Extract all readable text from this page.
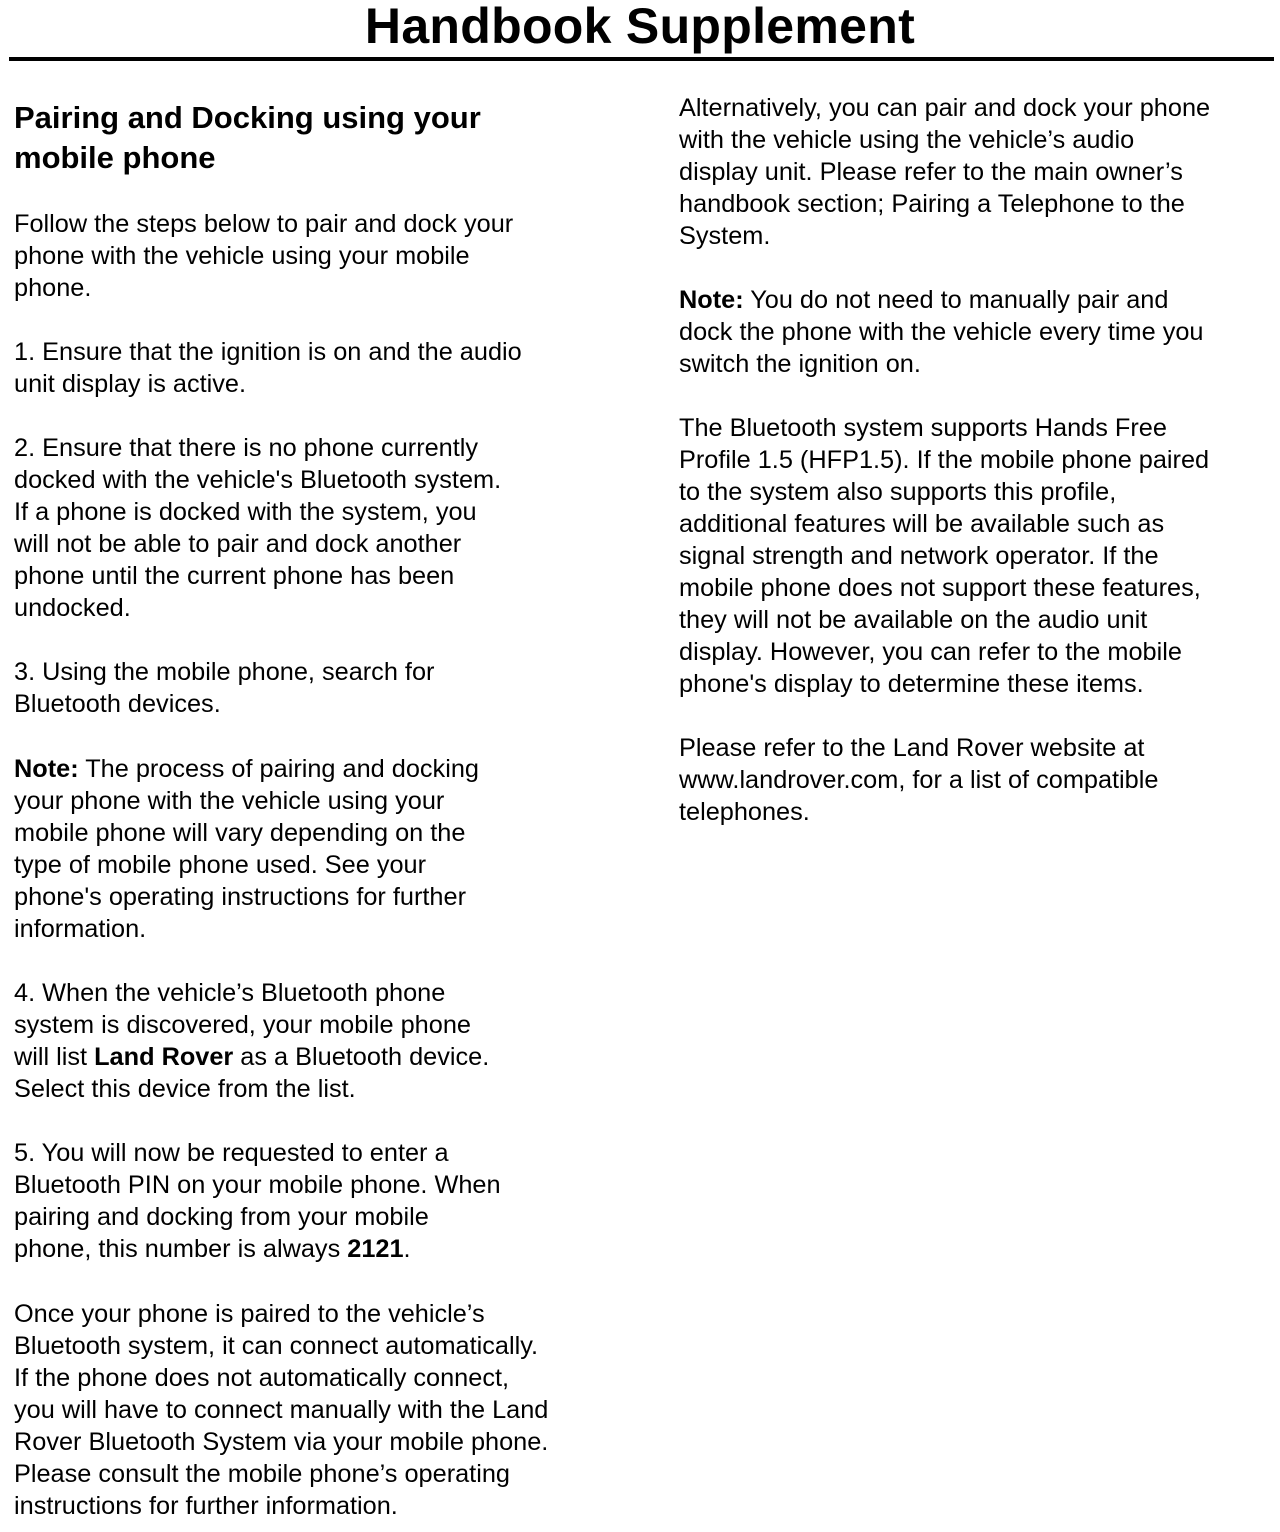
Handbook Supplement
Pairing and Docking using your
mobile phone

Follow the steps below to pair and dock your
phone with the vehicle using your mobile
phone.

1. Ensure that the ignition is on and the audio
unit display is active.

2. Ensure that there is no phone currently
docked with the vehicle's Bluetooth system.
If a phone is docked with the system, you
will not be able to pair and dock another
phone until the current phone has been
undocked.

3. Using the mobile phone, search for
Bluetooth devices.

Note: The process of pairing and docking
your phone with the vehicle using your
mobile phone will vary depending on the
type of mobile phone used. See your
phone's operating instructions for further
information.

4. When the vehicle’s Bluetooth phone
system is discovered, your mobile phone
will list Land Rover as a Bluetooth device.
Select this device from the list.

5. You will now be requested to enter a
Bluetooth PIN on your mobile phone. When
pairing and docking from your mobile
phone, this number is always 2121.

Once your phone is paired to the vehicle’s
Bluetooth system, it can connect automatically.
If the phone does not automatically connect,
you will have to connect manually with the Land
Rover Bluetooth System via your mobile phone.
Please consult the mobile phone’s operating
instructions for further information.

Alternatively, you can pair and dock your phone
with the vehicle using the vehicle’s audio
display unit. Please refer to the main owner’s
handbook section; Pairing a Telephone to the
System.

Note: You do not need to manually pair and
dock the phone with the vehicle every time you
switch the ignition on.

The Bluetooth system supports Hands Free
Profile 1.5 (HFP1.5). If the mobile phone paired
to the system also supports this profile,
additional features will be available such as
signal strength and network operator. If the
mobile phone does not support these features,
they will not be available on the audio unit
display. However, you can refer to the mobile
phone's display to determine these items.

Please refer to the Land Rover website at
www.landrover.com, for a list of compatible
telephones.
